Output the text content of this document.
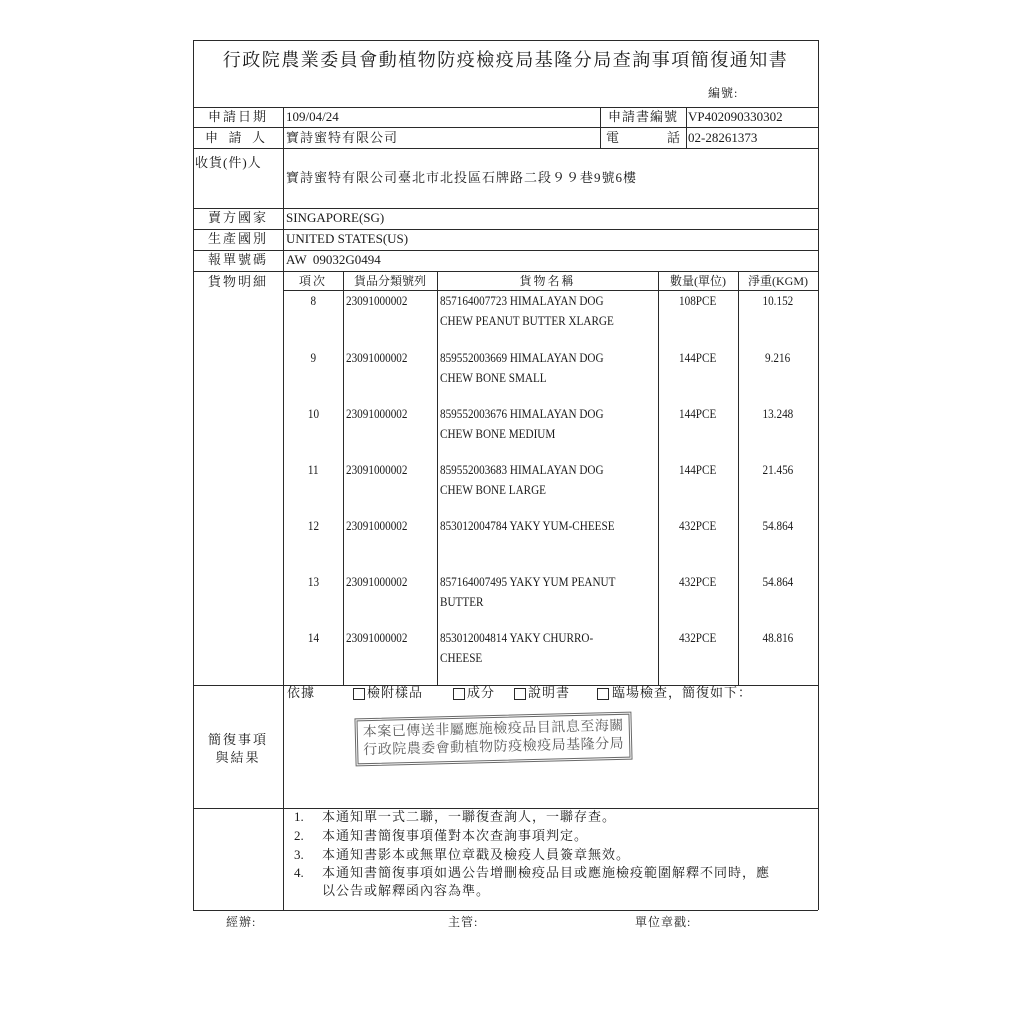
行政院農業委員會動植物防疫檢疫局基隆分局查詢事項簡復通知書
編號:
申請日期	109/04/24	申請書編號 VP402090330302
申 請 人 寶詩蜜特有限公司	電 話 02-28261373
收貨(件)人
寶詩蜜特有限公司臺北市北投區石牌路二段９９巷9號6樓
賣方國家	SINGAPORE(SG)
生產國別	UNITED STATES(US)
報單號碼	AW  09032G0494
貨物明細	項次	貨品分類號列	貨物名稱	數量(單位)	淨重(KGM)
8	23091000002	857164007723 HIMALAYAN DOG
CHEW PEANUT BUTTER XLARGE
108PCE	10.152
9	23091000002	859552003669 HIMALAYAN DOG
CHEW BONE SMALL
144PCE	9.216
10	23091000002	859552003676 HIMALAYAN DOG
CHEW BONE MEDIUM
144PCE	13.248
11	23091000002	859552003683 HIMALAYAN DOG
CHEW BONE LARGE
144PCE	21.456
12	23091000002	853012004784 YAKY YUM-CHEESE	432PCE	54.864
13	23091000002	857164007495 YAKY YUM PEANUT
BUTTER
432PCE	54.864
14	23091000002	853012004814 YAKY CHURRO-
CHEESE
432PCE	48.816
簡復事項
與結果
依據	檢附樣品	成分	說明書	臨場檢查，簡復如下：
本案已傳送非屬應施檢疫品目訊息至海關
行政院農委會動植物防疫檢疫局基隆分局
1. 本通知單一式二聯，一聯復查詢人，一聯存查。
2. 本通知書簡復事項僅對本次查詢事項判定。
3. 本通知書影本或無單位章戳及檢疫人員簽章無效。
4. 本通知書簡復事項如遇公告增刪檢疫品目或應施檢疫範圍解釋不同時，應
以公告或解釋函內容為準。
經辦:	主管:	單位章戳:
